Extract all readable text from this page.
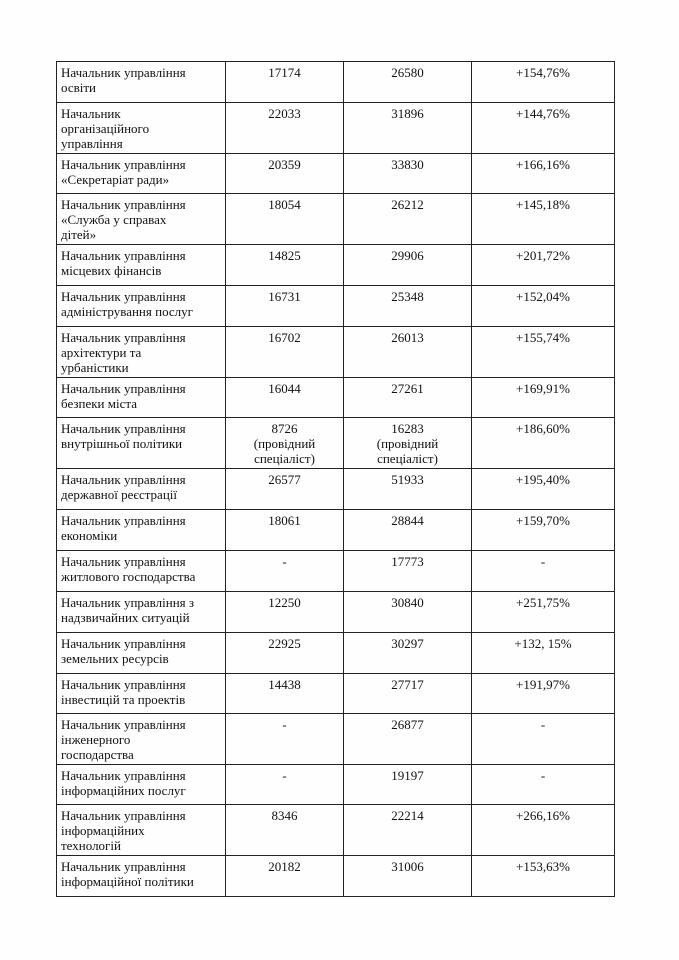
Начальник управління
освіти	17174	26580	+154,76%

Начальник
організаційного
управління	22033	31896	+144,76%

Начальник управління
«Секретаріат ради»	20359	33830	+166,16%

Начальник управління
«Служба у справах
дітей»	18054	26212	+145,18%

Начальник управління
місцевих фінансів	14825	29906	+201,72%

Начальник управління
адміністрування послуг	16731	25348	+152,04%

Начальник управління
архітектури та
урбаністики	16702	26013	+155,74%

Начальник управління
безпеки міста	16044	27261	+169,91%

Начальник управління
внутрішньої політики	8726
(провідний
спеціаліст)	16283
(провідний
спеціаліст)	+186,60%

Начальник управління
державної реєстрації	26577	51933	+195,40%

Начальник управління
економіки	18061	28844	+159,70%

Начальник управління
житлового господарства	-	17773	-

Начальник управління з
надзвичайних ситуацій	12250	30840	+251,75%

Начальник управління
земельних ресурсів	22925	30297	+132, 15%

Начальник управління
інвестицій та проектів	14438	27717	+191,97%

Начальник управління
інженерного
господарства	-	26877	-

Начальник управління
інформаційних послуг	-	19197	-

Начальник управління
інформаційних
технологій	8346	22214	+266,16%

Начальник управління
інформаційної політики	20182	31006	+153,63%
